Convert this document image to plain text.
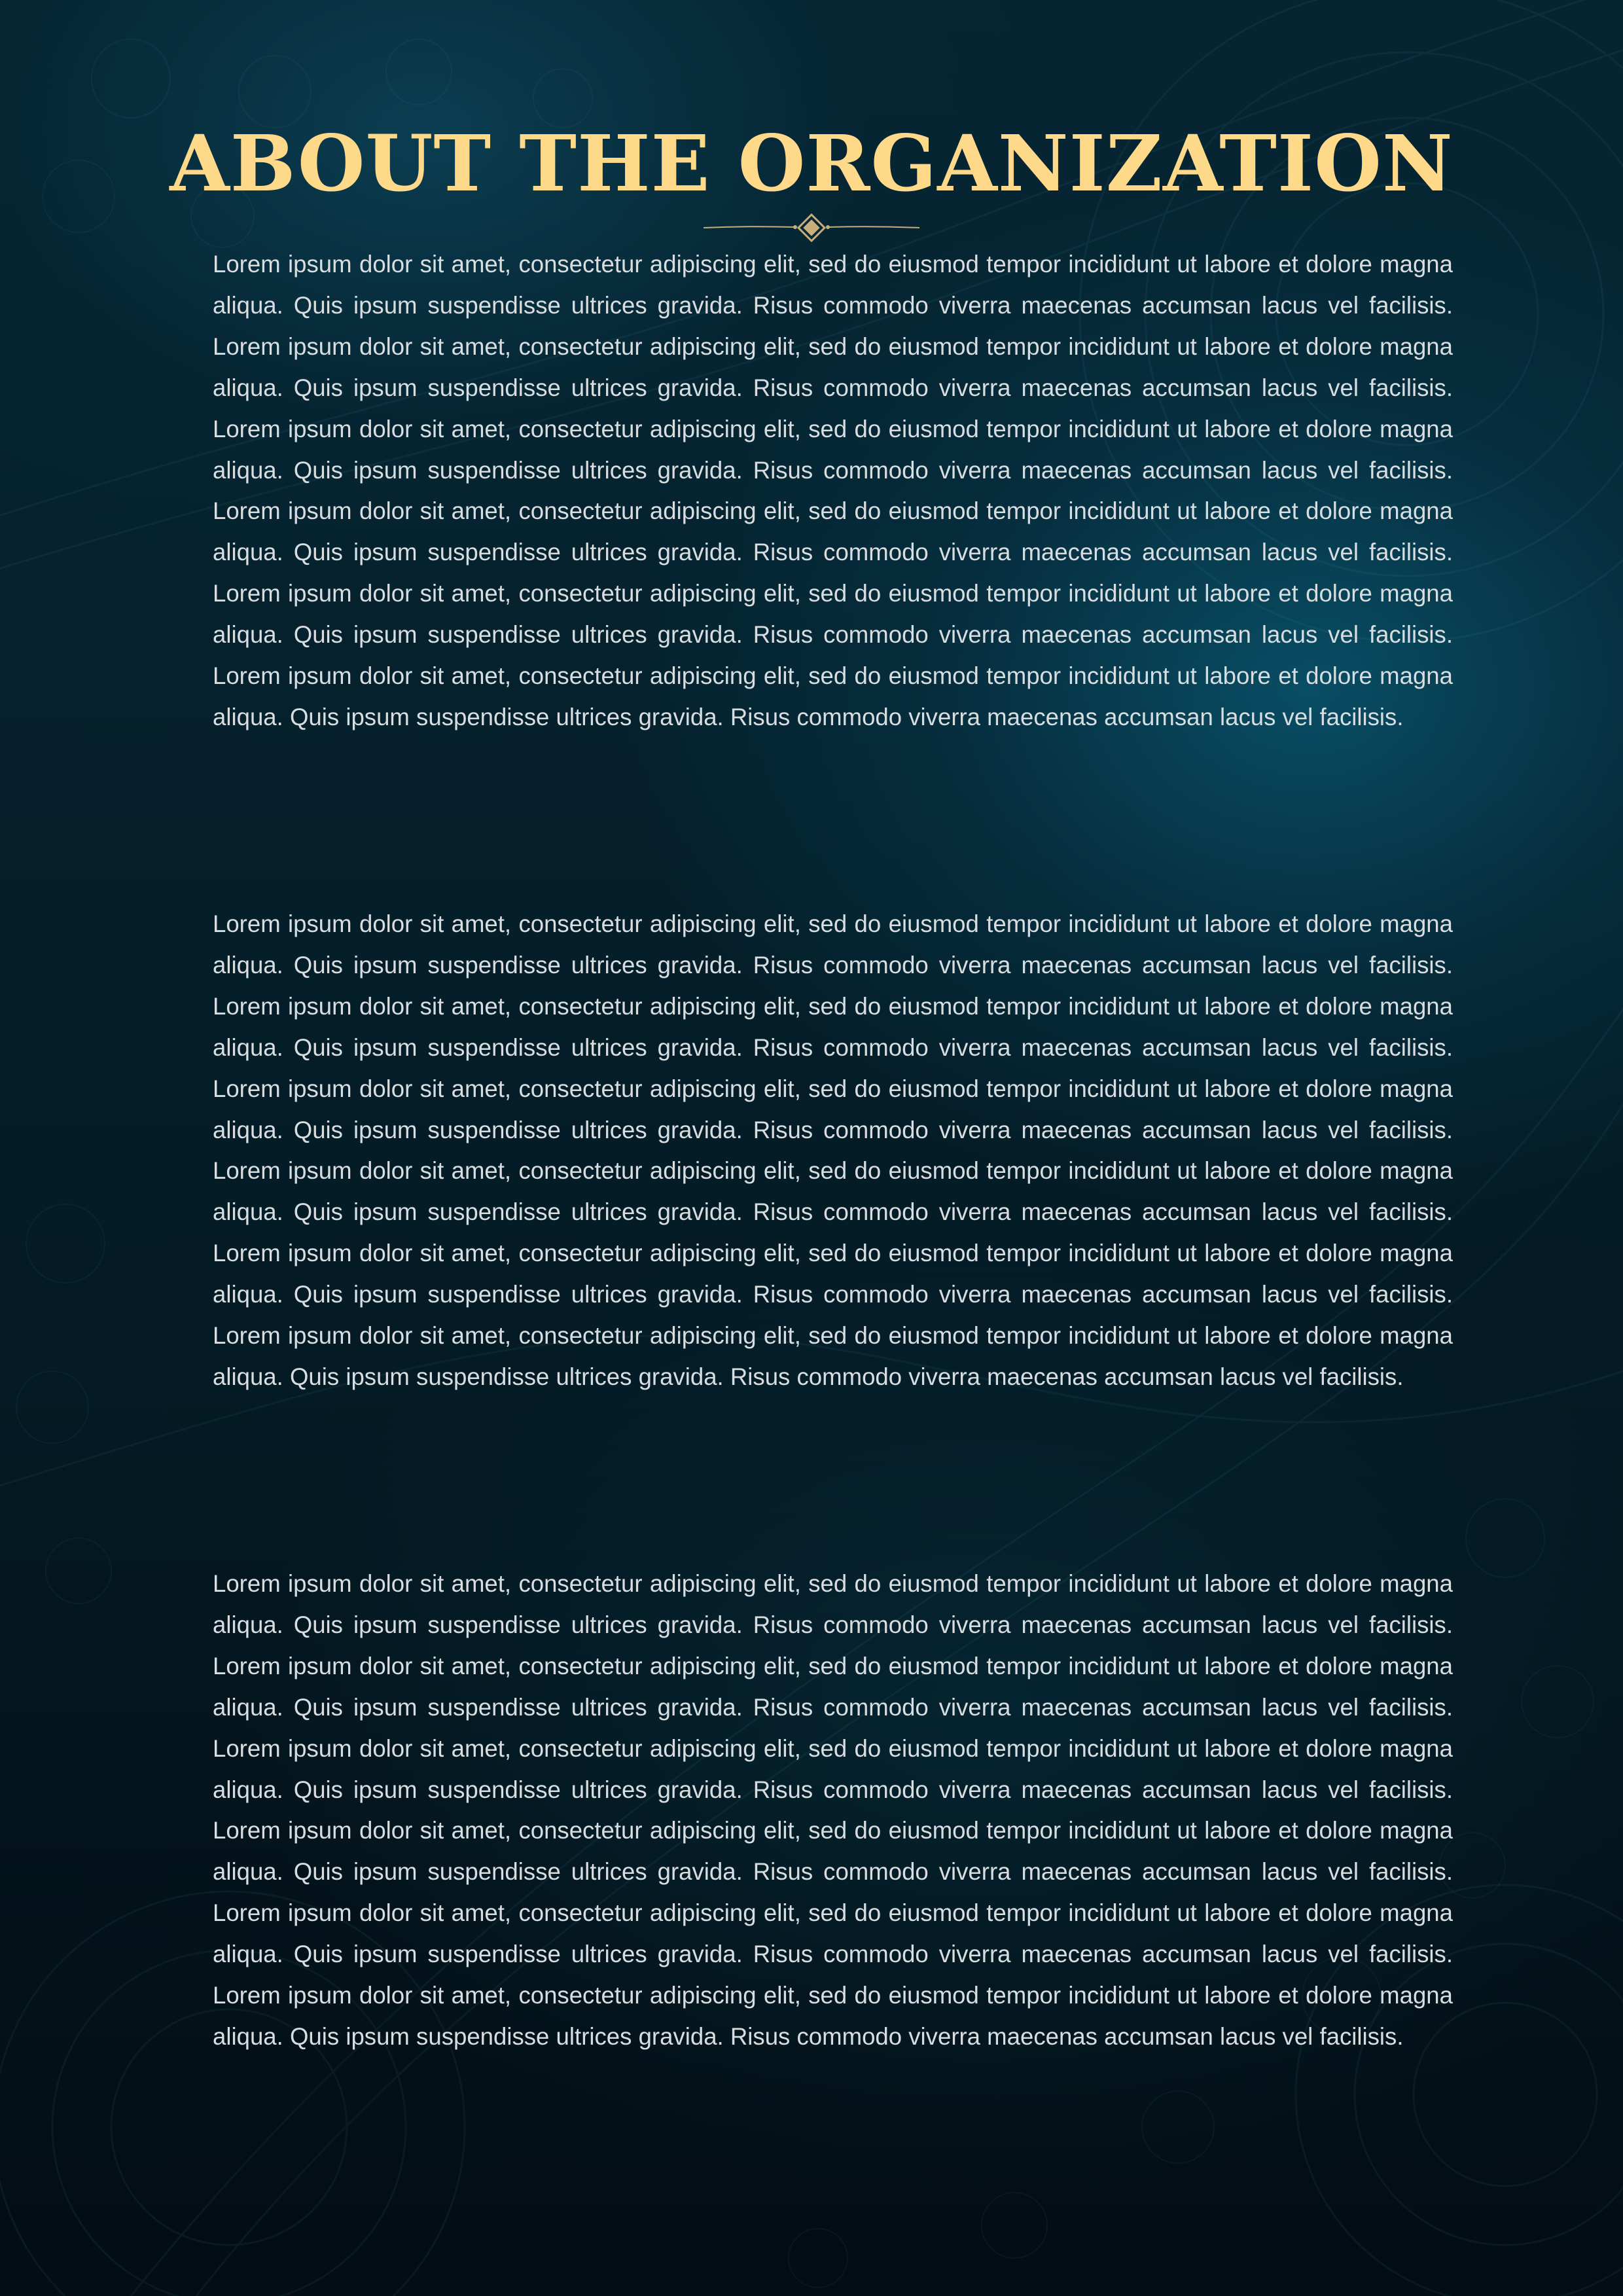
ABOUT THE ORGANIZATION

Lorem ipsum dolor sit amet, consectetur adipiscing elit, sed do eiusmod tempor incididunt ut labore et dolore magna aliqua. Quis ipsum suspendisse ultrices gravida. Risus commodo viverra maecenas accumsan lacus vel facilisis. Lorem ipsum dolor sit amet, consectetur adipiscing elit, sed do eiusmod tempor incididunt ut labore et dolore magna aliqua. Quis ipsum suspendisse ultrices gravida. Risus commodo viverra maecenas accumsan lacus vel facilisis. Lorem ipsum dolor sit amet, consectetur adipiscing elit, sed do eiusmod tempor incididunt ut labore et dolore magna aliqua. Quis ipsum suspendisse ultrices gravida. Risus commodo viverra maecenas accumsan lacus vel facilisis. Lorem ipsum dolor sit amet, consectetur adipiscing elit, sed do eiusmod tempor incididunt ut labore et dolore magna aliqua. Quis ipsum suspendisse ultrices gravida. Risus commodo viverra maecenas accumsan lacus vel facilisis. Lorem ipsum dolor sit amet, consectetur adipiscing elit, sed do eiusmod tempor incididunt ut labore et dolore magna aliqua. Quis ipsum suspendisse ultrices gravida. Risus commodo viverra maecenas accumsan lacus vel facilisis. Lorem ipsum dolor sit amet, consectetur adipiscing elit, sed do eiusmod tempor incididunt ut labore et dolore magna aliqua. Quis ipsum suspendisse ultrices gravida. Risus commodo viverra maecenas accumsan lacus vel facilisis.

Lorem ipsum dolor sit amet, consectetur adipiscing elit, sed do eiusmod tempor incididunt ut labore et dolore magna aliqua. Quis ipsum suspendisse ultrices gravida. Risus commodo viverra maecenas accumsan lacus vel facilisis. Lorem ipsum dolor sit amet, consectetur adipiscing elit, sed do eiusmod tempor incididunt ut labore et dolore magna aliqua. Quis ipsum suspendisse ultrices gravida. Risus commodo viverra maecenas accumsan lacus vel facilisis. Lorem ipsum dolor sit amet, consectetur adipiscing elit, sed do eiusmod tempor incididunt ut labore et dolore magna aliqua. Quis ipsum suspendisse ultrices gravida. Risus commodo viverra maecenas accumsan lacus vel facilisis. Lorem ipsum dolor sit amet, consectetur adipiscing elit, sed do eiusmod tempor incididunt ut labore et dolore magna aliqua. Quis ipsum suspendisse ultrices gravida. Risus commodo viverra maecenas accumsan lacus vel facilisis. Lorem ipsum dolor sit amet, consectetur adipiscing elit, sed do eiusmod tempor incididunt ut labore et dolore magna aliqua. Quis ipsum suspendisse ultrices gravida. Risus commodo viverra maecenas accumsan lacus vel facilisis. Lorem ipsum dolor sit amet, consectetur adipiscing elit, sed do eiusmod tempor incididunt ut labore et dolore magna aliqua. Quis ipsum suspendisse ultrices gravida. Risus commodo viverra maecenas accumsan lacus vel facilisis.

Lorem ipsum dolor sit amet, consectetur adipiscing elit, sed do eiusmod tempor incididunt ut labore et dolore magna aliqua. Quis ipsum suspendisse ultrices gravida. Risus commodo viverra maecenas accumsan lacus vel facilisis. Lorem ipsum dolor sit amet, consectetur adipiscing elit, sed do eiusmod tempor incididunt ut labore et dolore magna aliqua. Quis ipsum suspendisse ultrices gravida. Risus commodo viverra maecenas accumsan lacus vel facilisis. Lorem ipsum dolor sit amet, consectetur adipiscing elit, sed do eiusmod tempor incididunt ut labore et dolore magna aliqua. Quis ipsum suspendisse ultrices gravida. Risus commodo viverra maecenas accumsan lacus vel facilisis. Lorem ipsum dolor sit amet, consectetur adipiscing elit, sed do eiusmod tempor incididunt ut labore et dolore magna aliqua. Quis ipsum suspendisse ultrices gravida. Risus commodo viverra maecenas accumsan lacus vel facilisis. Lorem ipsum dolor sit amet, consectetur adipiscing elit, sed do eiusmod tempor incididunt ut labore et dolore magna aliqua. Quis ipsum suspendisse ultrices gravida. Risus commodo viverra maecenas accumsan lacus vel facilisis. Lorem ipsum dolor sit amet, consectetur adipiscing elit, sed do eiusmod tempor incididunt ut labore et dolore magna aliqua. Quis ipsum suspendisse ultrices gravida. Risus commodo viverra maecenas accumsan lacus vel facilisis.
